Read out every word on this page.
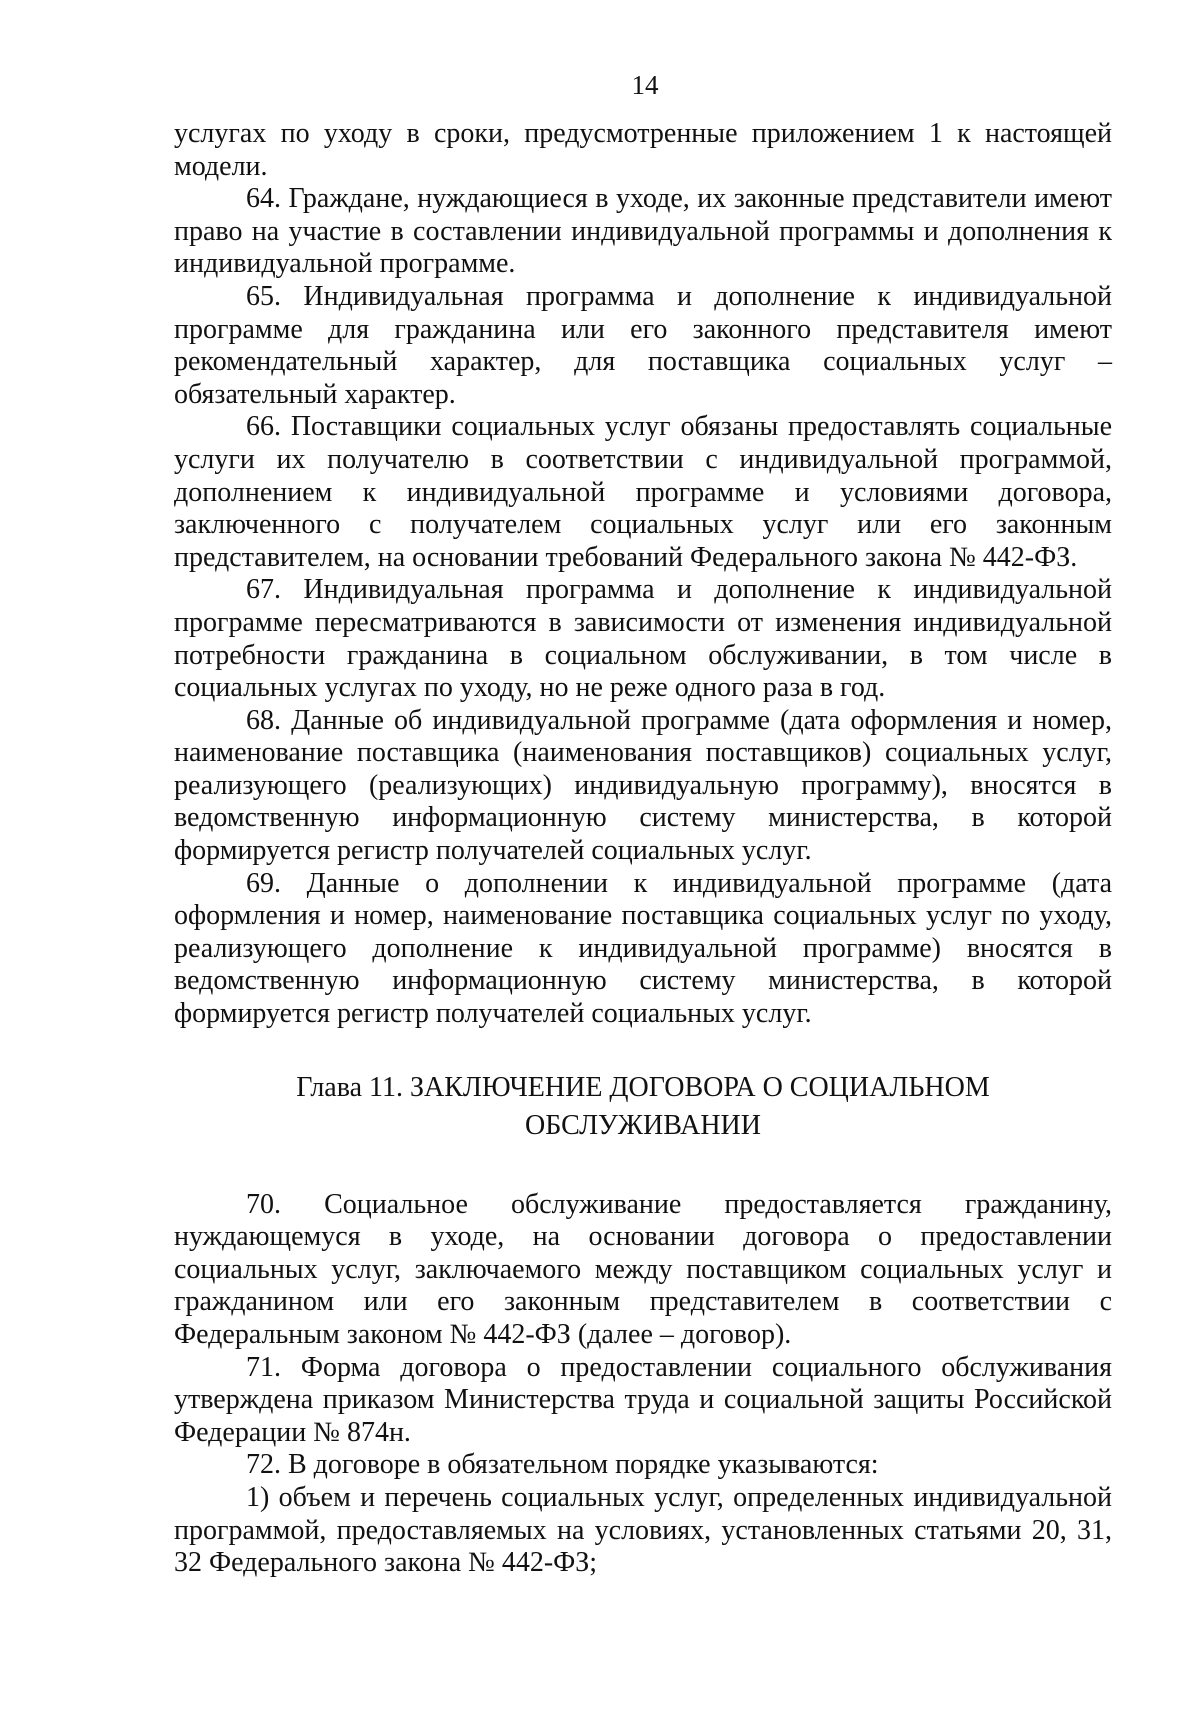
14

услугах по уходу в сроки, предусмотренные приложением 1 к настоящей модели.

64. Граждане, нуждающиеся в уходе, их законные представители имеют право на участие в составлении индивидуальной программы и дополнения к индивидуальной программе.

65. Индивидуальная программа и дополнение к индивидуальной программе для гражданина или его законного представителя имеют рекомендательный характер, для поставщика социальных услуг – обязательный характер.

66. Поставщики социальных услуг обязаны предоставлять социальные услуги их получателю в соответствии с индивидуальной программой, дополнением к индивидуальной программе и условиями договора, заключенного с получателем социальных услуг или его законным представителем, на основании требований Федерального закона № 442-ФЗ.

67. Индивидуальная программа и дополнение к индивидуальной программе пересматриваются в зависимости от изменения индивидуальной потребности гражданина в социальном обслуживании, в том числе в социальных услугах по уходу, но не реже одного раза в год.

68. Данные об индивидуальной программе (дата оформления и номер, наименование поставщика (наименования поставщиков) социальных услуг, реализующего (реализующих) индивидуальную программу), вносятся в ведомственную информационную систему министерства, в которой формируется регистр получателей социальных услуг.

69. Данные о дополнении к индивидуальной программе (дата оформления и номер, наименование поставщика социальных услуг по уходу, реализующего дополнение к индивидуальной программе) вносятся в ведомственную информационную систему министерства, в которой формируется регистр получателей социальных услуг.

Глава 11. ЗАКЛЮЧЕНИЕ ДОГОВОРА О СОЦИАЛЬНОМ
ОБСЛУЖИВАНИИ

70. Социальное обслуживание предоставляется гражданину, нуждающемуся в уходе, на основании договора о предоставлении социальных услуг, заключаемого между поставщиком социальных услуг и гражданином или его законным представителем в соответствии с Федеральным законом № 442-ФЗ (далее – договор).

71. Форма договора о предоставлении социального обслуживания утверждена приказом Министерства труда и социальной защиты Российской Федерации № 874н.

72. В договоре в обязательном порядке указываются:

1) объем и перечень социальных услуг, определенных индивидуальной программой, предоставляемых на условиях, установленных статьями 20, 31, 32 Федерального закона № 442-ФЗ;
